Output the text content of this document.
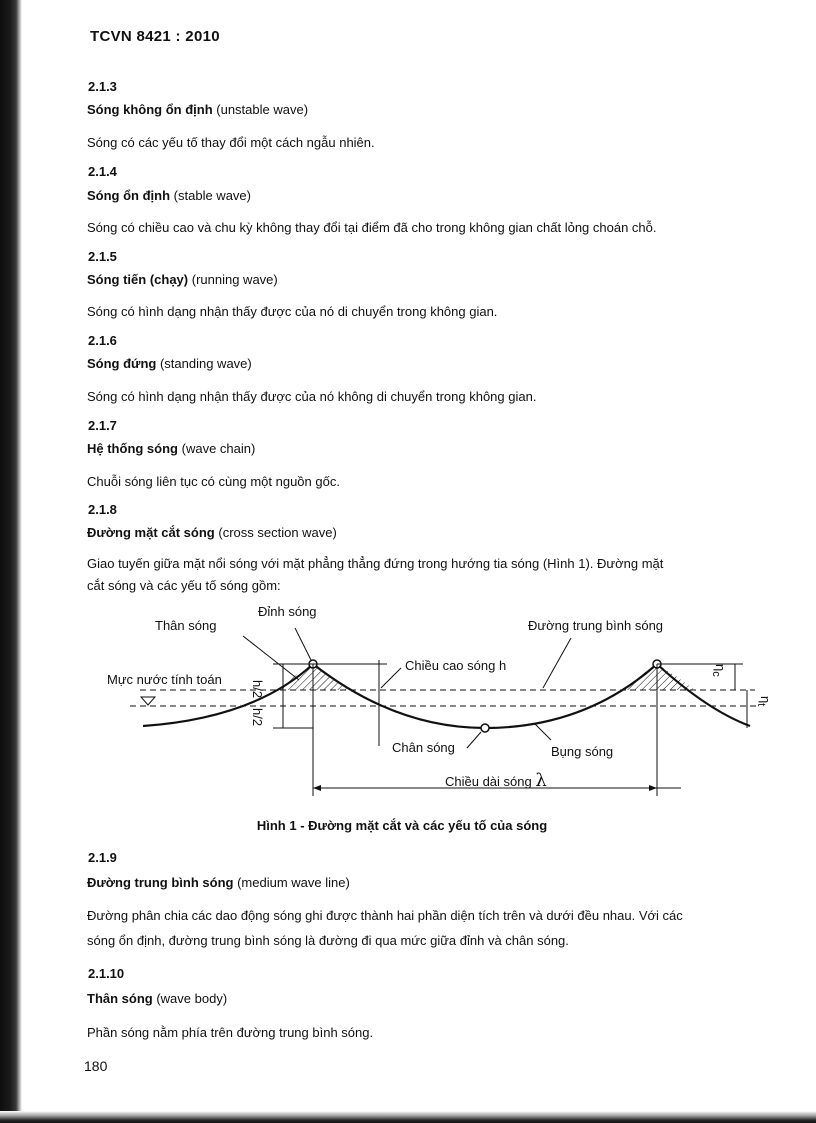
TCVN 8421 : 2010
2.1.3
Sóng không ổn định (unstable wave)
Sóng có các yếu tố thay đổi một cách ngẫu nhiên.
2.1.4
Sóng ổn định (stable wave)
Sóng có chiều cao và chu kỳ không thay đổi tại điểm đã cho trong không gian chất lỏng choán chỗ.
2.1.5
Sóng tiến (chạy) (running wave)
Sóng có hình dạng nhận thấy được của nó di chuyển trong không gian.
2.1.6
Sóng đứng (standing wave)
Sóng có hình dạng nhận thấy được của nó không di chuyển trong không gian.
2.1.7
Hệ thống sóng (wave chain)
Chuỗi sóng liên tục có cùng một nguồn gốc.
2.1.8
Đường mặt cắt sóng (cross section wave)
Giao tuyến giữa mặt nổi sóng với mặt phẳng thẳng đứng trong hướng tia sóng (Hình 1). Đường mặt
cắt sóng và các yếu tố sóng gồm:
2.1.9
Đường trung bình sóng (medium wave line)
Đường phân chia các dao động sóng ghi được thành hai phần diện tích trên và dưới đều nhau. Với các
sóng ổn định, đường trung bình sóng là đường đi qua mức giữa đỉnh và chân sóng.
2.1.10
Thân sóng (wave body)
Phần sóng nằm phía trên đường trung bình sóng.
Hình 1 - Đường mặt cắt và các yếu tố của sóng
180
h/2
h/2
$\eta_c$
$\eta_t$
Thân sóng
Đỉnh sóng
Đường trung bình sóng
Mực nước tính toán
Chiều cao sóng h
Chân sóng	Bụng sóng
Chiều dài sóng λ
